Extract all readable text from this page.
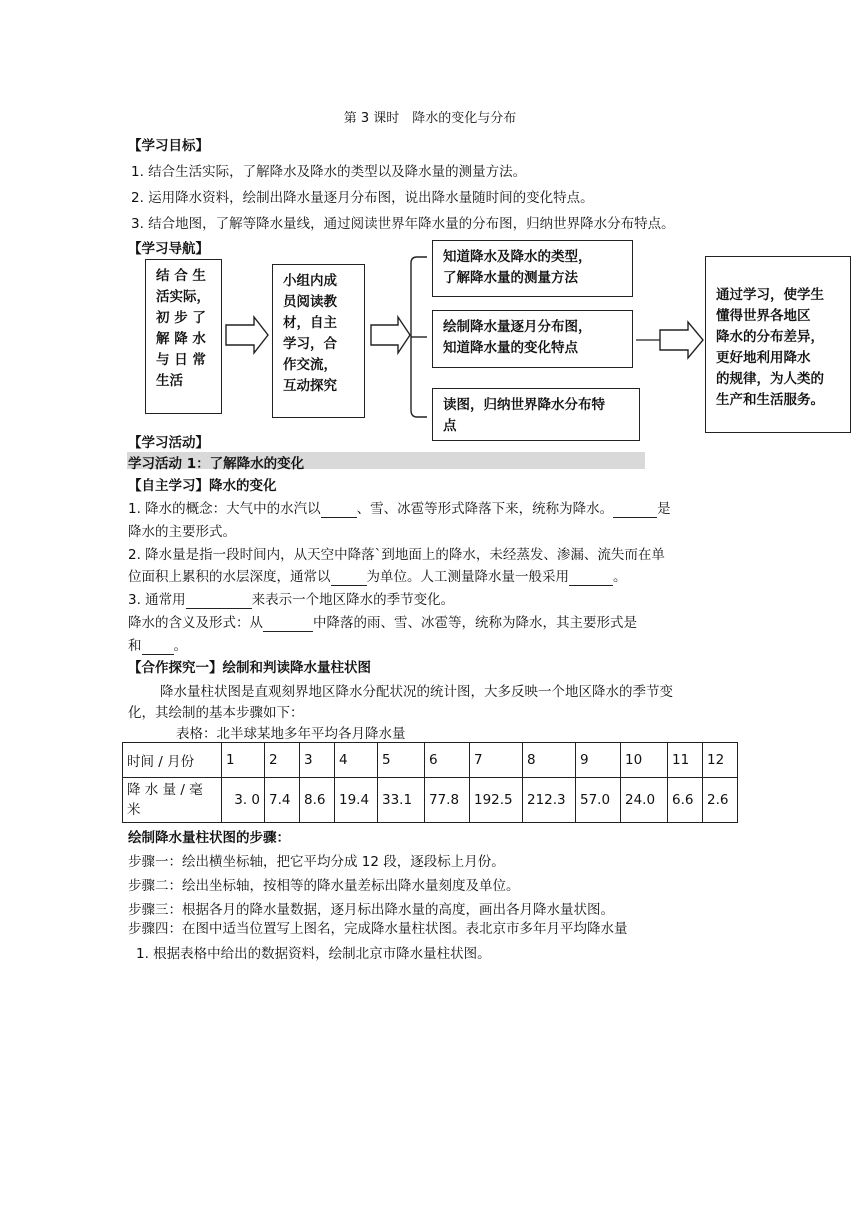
第 3 课时　降水的变化与分布
【学习目标】
1. 结合生活实际，了解降水及降水的类型以及降水量的测量方法。
2. 运用降水资料，绘制出降水量逐月分布图，说出降水量随时间的变化特点。
3. 结合地图，了解等降水量线，通过阅读世界年降水量的分布图，归纳世界降水分布特点。
【学习导航】
结 合 生
活实际，
初 步 了
解 降 水
与 日 常
生活
小组内成
员阅读教
材，自主
学习，合
作交流，
互动探究
知道降水及降水的类型，
了解降水量的测量方法
绘制降水量逐月分布图，
知道降水量的变化特点
读图，归纳世界降水分布特
点
通过学习，使学生
懂得世界各地区
降水的分布差异，
更好地利用降水
的规律，为人类的
生产和生活服务。
【学习活动】
学习活动 1：了解降水的变化
【自主学习】降水的变化
1. 降水的概念：大气中的水汽以	、雪、冰雹等形式降落下来，统称为降水。	是
降水的主要形式。
2. 降水量是指一段时间内，从天空中降落`到地面上的降水，未经蒸发、渗漏、流失而在单
位面积上累积的水层深度，通常以	为单位。人工测量降水量一般采用	。
3. 通常用	来表示一个地区降水的季节变化。
降水的含义及形式：从	中降落的雨、雪、冰雹等，统称为降水，其主要形式是
和 。
【合作探究一】绘制和判读降水量柱状图
降水量柱状图是直观刻界地区降水分配状况的统计图，大多反映一个地区降水的季节变
化，其绘制的基本步骤如下：
表格：北半球某地多年平均各月降水量
时间 / 月份	1	2	3	4	5	6	7	8	9	10	11	12
降 水 量 / 毫
米	3. 0	7.4	8.6	19.4	33.1	77.8	192.5	212.3	57.0	24.0	6.6	2.6
绘制降水量柱状图的步骤：
步骤一：绘出横坐标轴，把它平均分成 12 段，逐段标上月份。
步骤二：绘出坐标轴，按相等的降水量差标出降水量刻度及单位。
步骤三：根据各月的降水量数据，逐月标出降水量的高度，画出各月降水量状图。
步骤四：在图中适当位置写上图名，完成降水量柱状图。表北京市多年月平均降水量
1. 根据表格中给出的数据资料，绘制北京市降水量柱状图。
